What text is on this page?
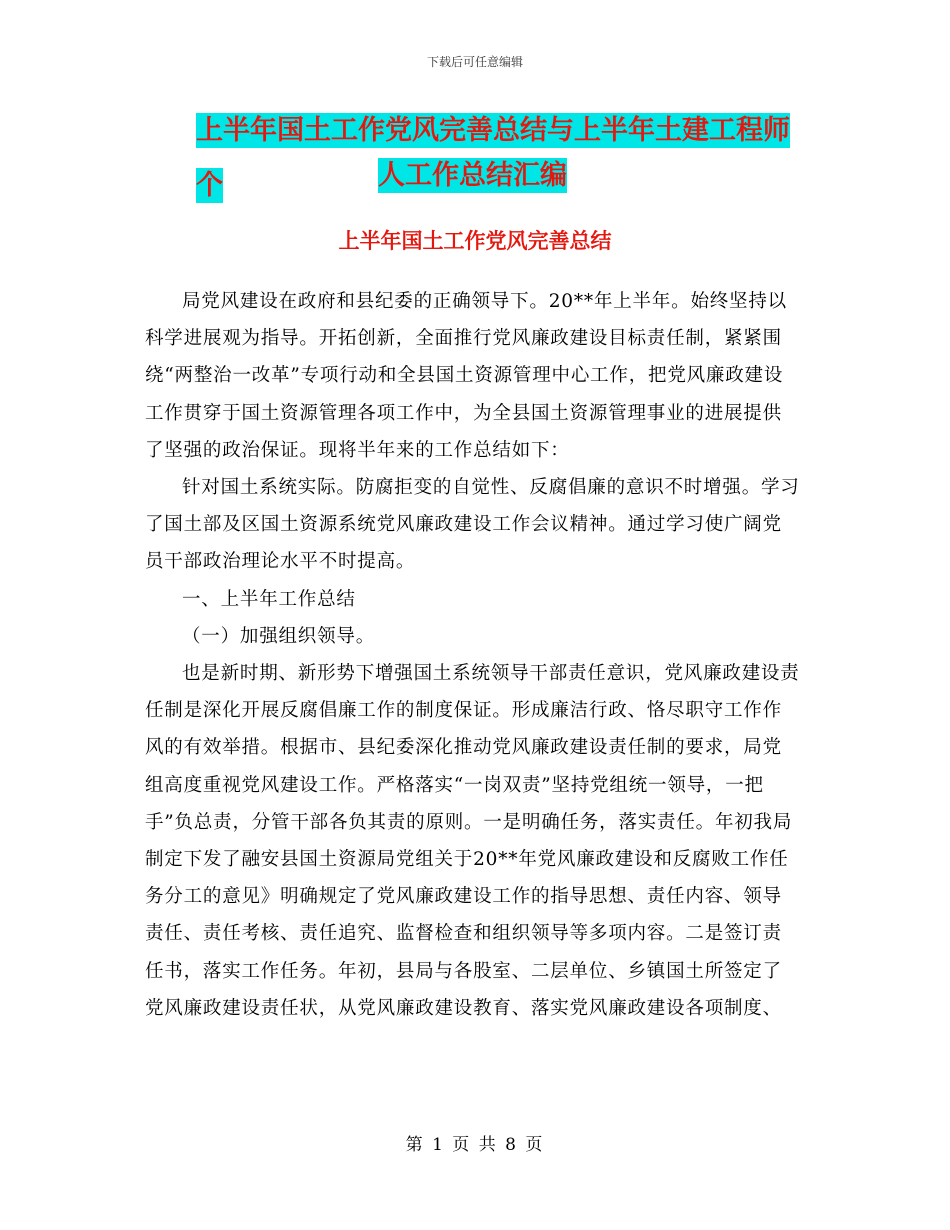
下载后可任意编辑
上半年国土工作党风完善总结与上半年土建工程师个	人工作总结汇编
上半年国土工作党风完善总结

局党风建设在政府和县纪委的正确领导下。20**年上半年。始终坚持以科学进展观为指导。开拓创新，全面推行党风廉政建设目标责任制，紧紧围绕“两整治一改革”专项行动和全县国土资源管理中心工作，把党风廉政建设工作贯穿于国土资源管理各项工作中，为全县国土资源管理事业的进展提供了坚强的政治保证。现将半年来的工作总结如下：

针对国土系统实际。防腐拒变的自觉性、反腐倡廉的意识不时增强。学习了国土部及区国土资源系统党风廉政建设工作会议精神。通过学习使广阔党员干部政治理论水平不时提高。

一、上半年工作总结

（一）加强组织领导。

也是新时期、新形势下增强国土系统领导干部责任意识，党风廉政建设责任制是深化开展反腐倡廉工作的制度保证。形成廉洁行政、恪尽职守工作作风的有效举措。根据市、县纪委深化推动党风廉政建设责任制的要求，局党组高度重视党风建设工作。严格落实“一岗双责”坚持党组统一领导，一把手”负总责，分管干部各负其责的原则。一是明确任务，落实责任。年初我局制定下发了融安县国土资源局党组关于20**年党风廉政建设和反腐败工作任务分工的意见》明确规定了党风廉政建设工作的指导思想、责任内容、领导责任、责任考核、责任追究、监督检查和组织领导等多项内容。二是签订责任书，落实工作任务。年初，县局与各股室、二层单位、乡镇国土所签定了党风廉政建设责任状，从党风廉政建设教育、落实党风廉政建设各项制度、

第 1 页 共 8 页
